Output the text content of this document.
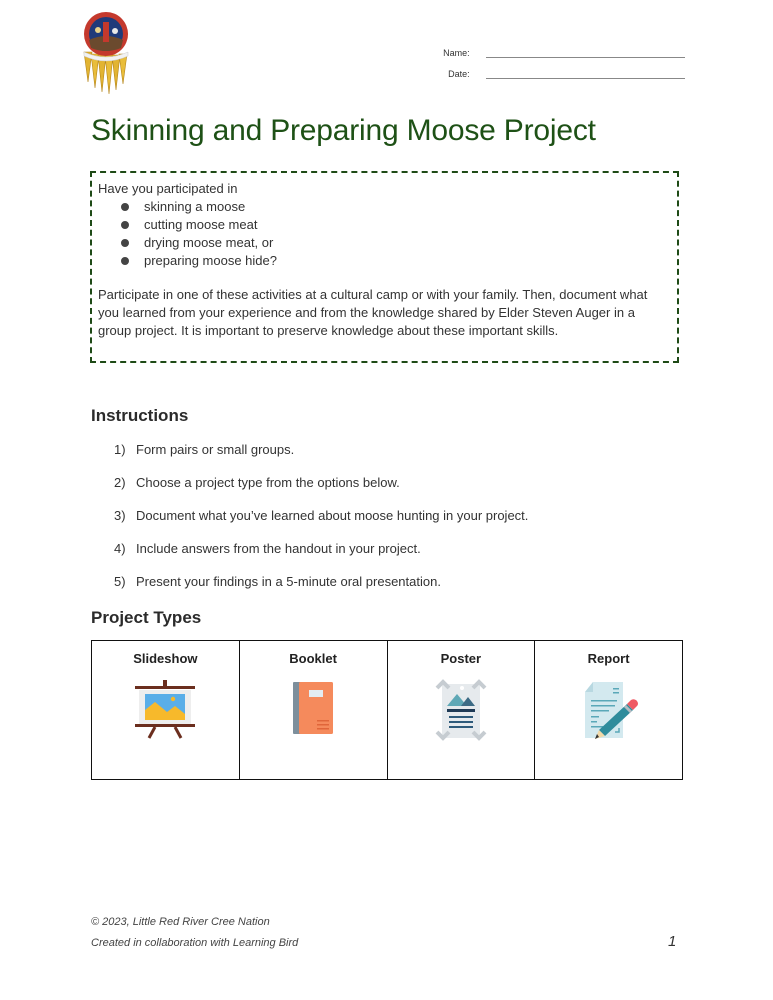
Name:
Date:
Skinning and Preparing Moose Project
Have you participated in
skinning a moose
cutting moose meat
drying moose meat, or
preparing moose hide?

Participate in one of these activities at a cultural camp or with your family. Then, document what you learned from your experience and from the knowledge shared by Elder Steven Auger in a group project. It is important to preserve knowledge about these important skills.

Instructions
1) Form pairs or small groups.
2) Choose a project type from the options below.
3) Document what you’ve learned about moose hunting in your project.
4) Include answers from the handout in your project.
5) Present your findings in a 5-minute oral presentation.
Project Types
Slideshow	Booklet	Poster	Report
© 2023, Little Red River Cree Nation
Created in collaboration with Learning Bird	1
